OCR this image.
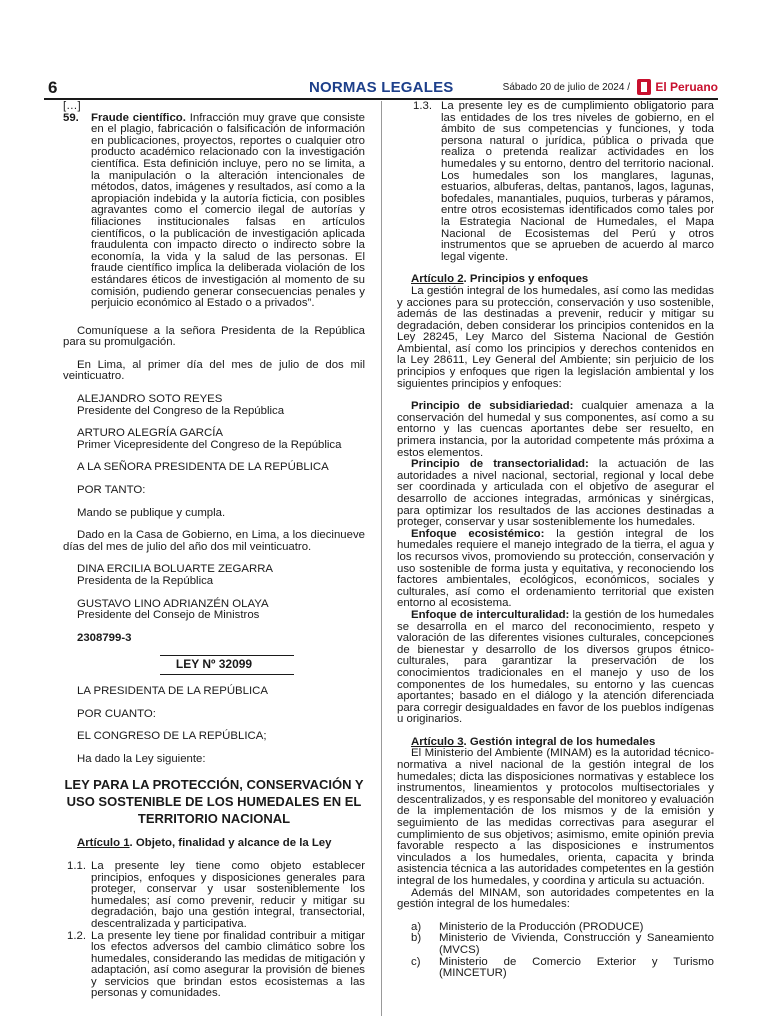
6	NORMAS LEGALES	Sábado 20 de julio de 2024 / El Peruano

[…]

59.	Fraude científico. Infracción muy grave que consiste en el plagio, fabricación o falsificación de información en publicaciones, proyectos, reportes o cualquier otro producto académico relacionado con la investigación científica. Esta definición incluye, pero no se limita, a la manipulación o la alteración intencionales de métodos, datos, imágenes y resultados, así como a la apropiación indebida y la autoría ficticia, con posibles agravantes como el comercio ilegal de autorías y filiaciones institucionales falsas en artículos científicos, o la publicación de investigación aplicada fraudulenta con impacto directo o indirecto sobre la economía, la vida y la salud de las personas. El fraude científico implica la deliberada violación de los estándares éticos de investigación al momento de su comisión, pudiendo generar consecuencias penales y perjuicio económico al Estado o a privados”.

Comuníquese a la señora Presidenta de la República para su promulgación.

En Lima, al primer día del mes de julio de dos mil veinticuatro.

ALEJANDRO SOTO REYES

Presidente del Congreso de la República

ARTURO ALEGRÍA GARCÍA

Primer Vicepresidente del Congreso de la República

A LA SEÑORA PRESIDENTA DE LA REPÚBLICA

POR TANTO:

Mando se publique y cumpla.

Dado en la Casa de Gobierno, en Lima, a los diecinueve días del mes de julio del año dos mil veinticuatro.

DINA ERCILIA BOLUARTE ZEGARRA

Presidenta de la República

GUSTAVO LINO ADRIANZÉN OLAYA

Presidente del Consejo de Ministros

2308799-3

LEY Nº 32099

LA PRESIDENTA DE LA REPÚBLICA

POR CUANTO:

EL CONGRESO DE LA REPÚBLICA;

Ha dado la Ley siguiente:

LEY PARA LA PROTECCIÓN, CONSERVACIÓN Y USO SOSTENIBLE DE LOS HUMEDALES EN EL TERRITORIO NACIONAL

Artículo 1. Objeto, finalidad y alcance de la Ley

1.1. La presente ley tiene como objeto establecer principios, enfoques y disposiciones generales para proteger, conservar y usar sosteniblemente los humedales; así como prevenir, reducir y mitigar su degradación, bajo una gestión integral, transectorial, descentralizada y participativa.

1.2. La presente ley tiene por finalidad contribuir a mitigar los efectos adversos del cambio climático sobre los humedales, considerando las medidas de mitigación y adaptación, así como asegurar la provisión de bienes y servicios que brindan estos ecosistemas a las personas y comunidades.

1.3. La presente ley es de cumplimiento obligatorio para las entidades de los tres niveles de gobierno, en el ámbito de sus competencias y funciones, y toda persona natural o jurídica, pública o privada que realiza o pretenda realizar actividades en los humedales y su entorno, dentro del territorio nacional. Los humedales son los manglares, lagunas, estuarios, albuferas, deltas, pantanos, lagos, lagunas, bofedales, manantiales, puquios, turberas y páramos, entre otros ecosistemas identificados como tales por la Estrategia Nacional de Humedales, el Mapa Nacional de Ecosistemas del Perú y otros instrumentos que se aprueben de acuerdo al marco legal vigente.

Artículo 2. Principios y enfoques

La gestión integral de los humedales, así como las medidas y acciones para su protección, conservación y uso sostenible, además de las destinadas a prevenir, reducir y mitigar su degradación, deben considerar los principios contenidos en la Ley 28245, Ley Marco del Sistema Nacional de Gestión Ambiental, así como los principios y derechos contenidos en la Ley 28611, Ley General del Ambiente; sin perjuicio de los principios y enfoques que rigen la legislación ambiental y los siguientes principios y enfoques:

Principio de subsidiariedad: cualquier amenaza a la conservación del humedal y sus componentes, así como a su entorno y las cuencas aportantes debe ser resuelto, en primera instancia, por la autoridad competente más próxima a estos elementos.

Principio de transectorialidad: la actuación de las autoridades a nivel nacional, sectorial, regional y local debe ser coordinada y articulada con el objetivo de asegurar el desarrollo de acciones integradas, armónicas y sinérgicas, para optimizar los resultados de las acciones destinadas a proteger, conservar y usar sosteniblemente los humedales.

Enfoque ecosistémico: la gestión integral de los humedales requiere el manejo integrado de la tierra, el agua y los recursos vivos, promoviendo su protección, conservación y uso sostenible de forma justa y equitativa, y reconociendo los factores ambientales, ecológicos, económicos, sociales y culturales, así como el ordenamiento territorial que existen entorno al ecosistema.

Enfoque de interculturalidad: la gestión de los humedales se desarrolla en el marco del reconocimiento, respeto y valoración de las diferentes visiones culturales, concepciones de bienestar y desarrollo de los diversos grupos étnico-culturales, para garantizar la preservación de los conocimientos tradicionales en el manejo y uso de los componentes de los humedales, su entorno y las cuencas aportantes; basado en el diálogo y la atención diferenciada para corregir desigualdades en favor de los pueblos indígenas u originarios.

Artículo 3. Gestión integral de los humedales

El Ministerio del Ambiente (MINAM) es la autoridad técnico-normativa a nivel nacional de la gestión integral de los humedales; dicta las disposiciones normativas y establece los instrumentos, lineamientos y protocolos multisectoriales y descentralizados, y es responsable del monitoreo y evaluación de la implementación de los mismos y de la emisión y seguimiento de las medidas correctivas para asegurar el cumplimiento de sus objetivos; asimismo, emite opinión previa favorable respecto a las disposiciones e instrumentos vinculados a los humedales, orienta, capacita y brinda asistencia técnica a las autoridades competentes en la gestión integral de los humedales, y coordina y articula su actuación.

Además del MINAM, son autoridades competentes en la gestión integral de los humedales:

a)	Ministerio de la Producción (PRODUCE)

b)	Ministerio de Vivienda, Construcción y Saneamiento (MVCS)

c)	Ministerio de Comercio Exterior y Turismo (MINCETUR)
